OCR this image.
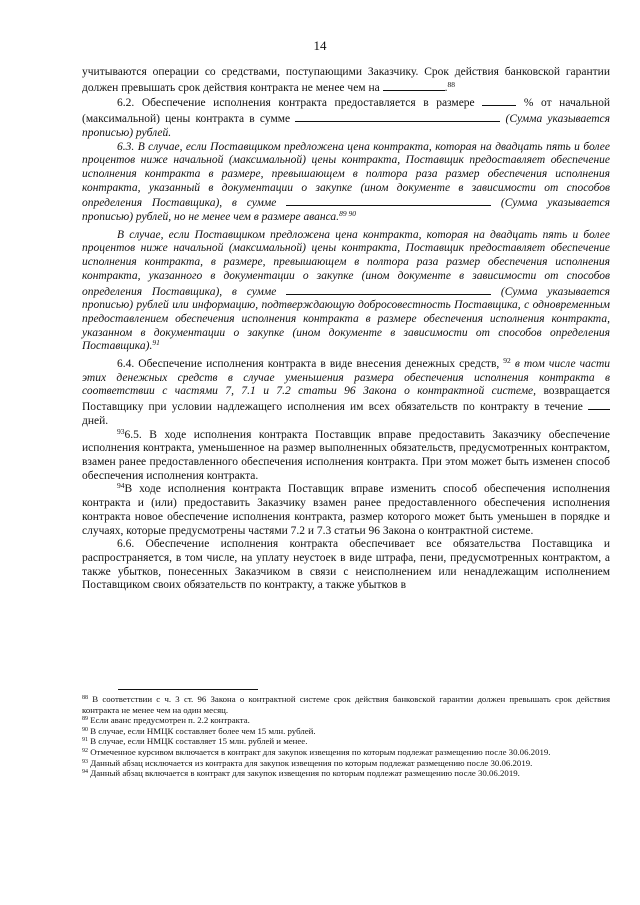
14

учитываются операции со средствами, поступающими Заказчику. Срок действия банковской гарантии должен превышать срок действия контракта не менее чем на	.$^{88}$

6.2. Обеспечение исполнения контракта предоставляется в размере	% от начальной (максимальной) цены контракта в сумме	(Сумма указывается прописью) рублей.

6.3. В случае, если Поставщиком предложена цена контракта, которая на двадцать пять и более процентов ниже начальной (максимальной) цены контракта, Поставщик предоставляет обеспечение исполнения контракта в размере, превышающем в полтора раза размер обеспечения исполнения контракта, указанный в документации о закупке (ином документе в зависимости от способов определения Поставщика), в сумме	(Сумма указывается прописью) рублей, но не менее чем в размере аванса.$^{89 90}$

В случае, если Поставщиком предложена цена контракта, которая на двадцать пять и более процентов ниже начальной (максимальной) цены контракта, Поставщик предоставляет обеспечение исполнения контракта, в размере, превышающем в полтора раза размер обеспечения исполнения контракта, указанного в документации о закупке (ином документе в зависимости от способов определения Поставщика), в сумме	(Сумма указывается прописью) рублей или информацию, подтверждающую добросовестность Поставщика, с одновременным предоставлением обеспечения исполнения контракта в размере обеспечения исполнения контракта, указанном в документации о закупке (ином документе в зависимости от способов определения Поставщика).$^{91}$

6.4. Обеспечение исполнения контракта в виде внесения денежных средств, $^{92}$ в том числе части этих денежных средств в случае уменьшения размера обеспечения исполнения контракта в соответствии с частями 7, 7.1 и 7.2 статьи 96 Закона о контрактной системе, возвращается Поставщику при условии надлежащего исполнения им всех обязательств по контракту в течение  дней.

$^{93}$6.5. В ходе исполнения контракта Поставщик вправе предоставить Заказчику обеспечение исполнения контракта, уменьшенное на размер выполненных обязательств, предусмотренных контрактом, взамен ранее предоставленного обеспечения исполнения контракта. При этом может быть изменен способ обеспечения исполнения контракта.

$^{94}$В ходе исполнения контракта Поставщик вправе изменить способ обеспечения исполнения контракта и (или) предоставить Заказчику взамен ранее предоставленного обеспечения исполнения контракта новое обеспечение исполнения контракта, размер которого может быть уменьшен в порядке и случаях, которые предусмотрены частями 7.2 и 7.3 статьи 96 Закона о контрактной системе.

6.6. Обеспечение исполнения контракта обеспечивает все обязательства Поставщика и распространяется, в том числе, на уплату неустоек в виде штрафа, пени, предусмотренных контрактом, а также убытков, понесенных Заказчиком в связи с неисполнением или ненадлежащим исполнением Поставщиком своих обязательств по контракту, а также убытков в

$^{88}$ В соответствии с ч. 3 ст. 96 Закона о контрактной системе срок действия банковской гарантии должен превышать срок действия контракта не менее чем на один месяц.

$^{89}$ Если аванс предусмотрен п. 2.2 контракта.

$^{90}$ В случае, если НМЦК составляет более чем 15 млн. рублей.

$^{91}$ В случае, если НМЦК составляет 15 млн. рублей и менее.

$^{92}$ Отмеченное курсивом включается в контракт для закупок извещения по которым подлежат размещению после 30.06.2019.

$^{93}$ Данный абзац исключается из контракта для закупок извещения по которым подлежат размещению после 30.06.2019.

$^{94}$ Данный абзац включается в контракт для закупок извещения по которым подлежат размещению после 30.06.2019.
